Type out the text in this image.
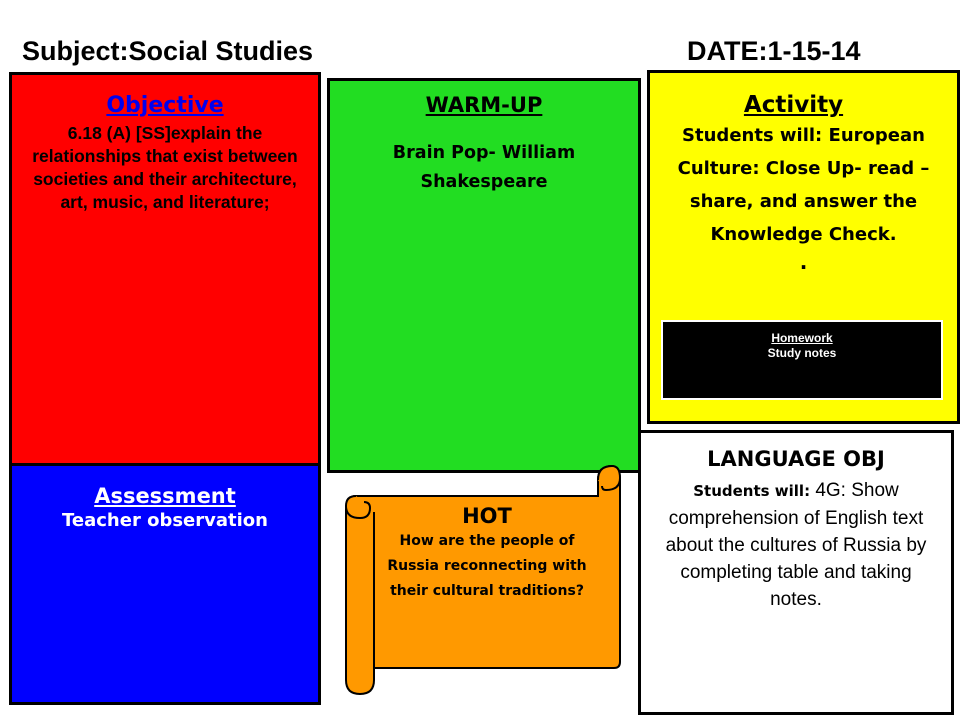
Subject:Social Studies	DATE:1-15-14
Objective
6.18 (A) [SS]explain the relationships that exist between societies and their architecture, art, music, and literature;
Assessment
Teacher observation
WARM-UP
Brain Pop- William Shakespeare
Activity
Students will: European Culture: Close Up- read – share, and answer the Knowledge Check.
.
Homework
Study notes
LANGUAGE OBJ
Students will: 4G: Show comprehension of English text about the cultures of Russia by completing table and taking notes.
HOT
How are the people of Russia reconnecting with their cultural traditions?
